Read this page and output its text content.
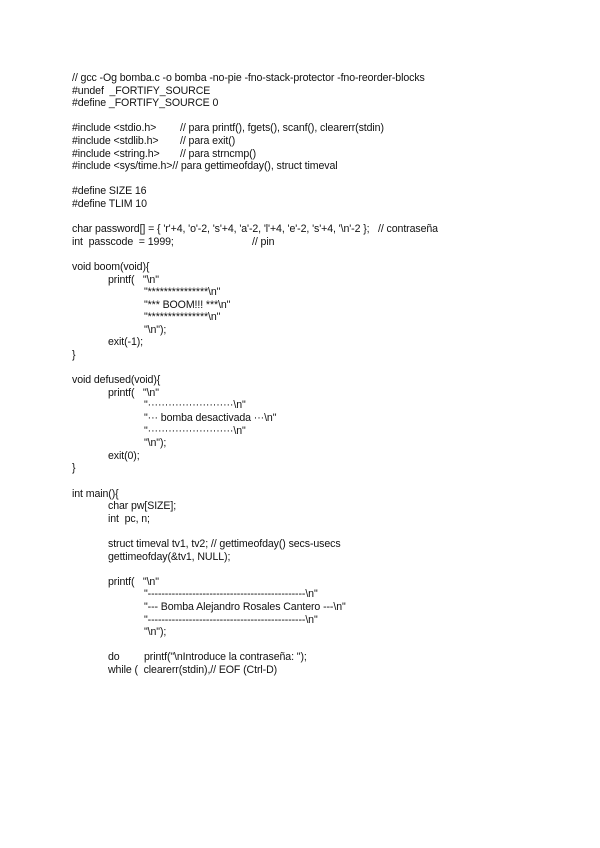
// gcc -Og bomba.c -o bomba -no-pie -fno-stack-protector -fno-reorder-blocks
#undef  _FORTIFY_SOURCE
#define _FORTIFY_SOURCE 0
#include <stdio.h> // para printf(), fgets(), scanf(), clearerr(stdin)
#include <stdlib.h> // para exit()
#include <string.h> // para strncmp()
#include <sys/time.h>// para gettimeofday(), struct timeval
#define SIZE 16
#define TLIM 10
char password[] = { 'r'+4, 'o'-2, 's'+4, 'a'-2, 'l'+4, 'e'-2, 's'+4, '\n'-2 };   // contraseña
int  passcode  = 1999;	// pin
void boom(void){
printf(   "\n"
"***************\n"
"*** BOOM!!! ***\n"
"***************\n"
"\n");
exit(-1);
}
void defused(void){
printf(   "\n"
"·························\n"
"··· bomba desactivada ···\n"
"·························\n"
"\n");
exit(0);
}
int main(){
char pw[SIZE];
int  pc, n;
struct timeval tv1, tv2; // gettimeofday() secs-usecs
gettimeofday(&tv1, NULL);
printf(   "\n"
"----------------------------------------------\n"
"--- Bomba Alejandro Rosales Cantero ---\n"
"----------------------------------------------\n"
"\n");
do printf("\nIntroduce la contraseña: ");
while (  clearerr(stdin),// EOF (Ctrl-D)
